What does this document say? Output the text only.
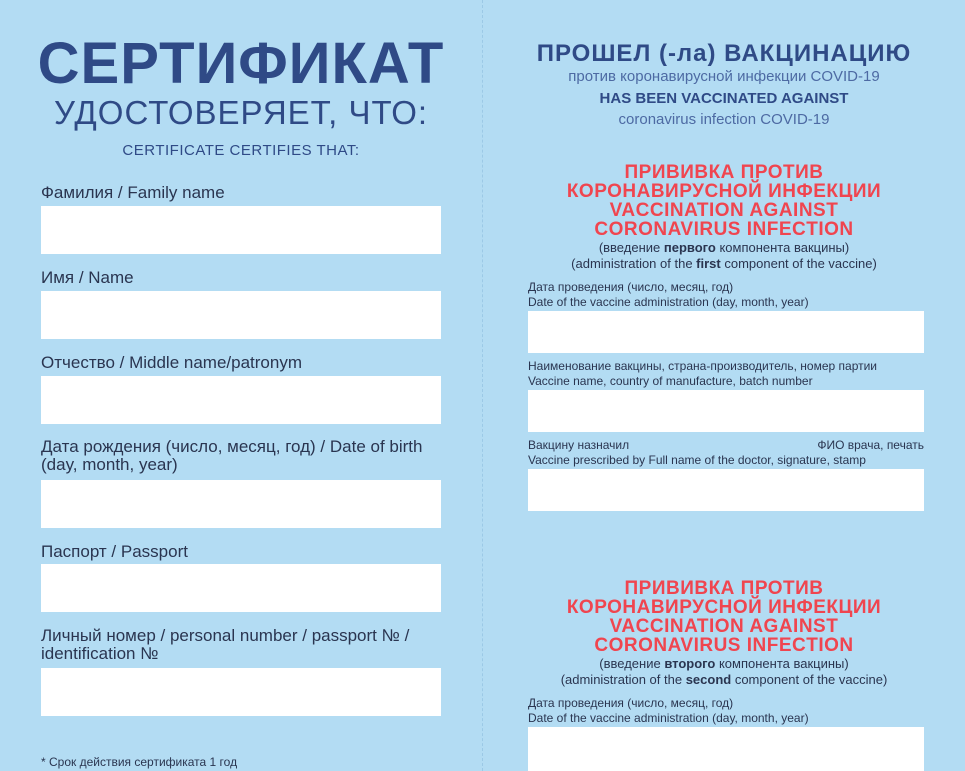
СЕРТИФИКАТ
УДОСТОВЕРЯЕТ, ЧТО:
CERTIFICATE CERTIFIES THAT:
Фамилия / Family name
Имя / Name
Отчество / Middle name/patronym
Дата рождения (число, месяц, год) / Date of birth (day, month, year)
Паспорт / Passport
Личный номер / personal number / passport № / identification №
* Срок действия сертификата 1 год
ПРОШЕЛ (-ла) ВАКЦИНАЦИЮ
против коронавирусной инфекции COVID-19
HAS BEEN VACCINATED AGAINST
coronavirus infection COVID-19
ПРИВИВКА ПРОТИВ
КОРОНАВИРУСНОЙ ИНФЕКЦИИ
VACCINATION AGAINST
CORONAVIRUS INFECTION
(введение первого компонента вакцины)
(administration of the first component of the vaccine)
Дата проведения (число, месяц, год)
Date of the vaccine administration (day, month, year)
Наименование вакцины, страна-производитель, номер партии
Vaccine name, country of manufacture, batch number
Вакцину назначил	ФИО врача, печать
Vaccine prescribed by Full name of the doctor, signature, stamp
ПРИВИВКА ПРОТИВ
КОРОНАВИРУСНОЙ ИНФЕКЦИИ
VACCINATION AGAINST
CORONAVIRUS INFECTION
(введение второго компонента вакцины)
(administration of the second component of the vaccine)
Дата проведения (число, месяц, год)
Date of the vaccine administration (day, month, year)
